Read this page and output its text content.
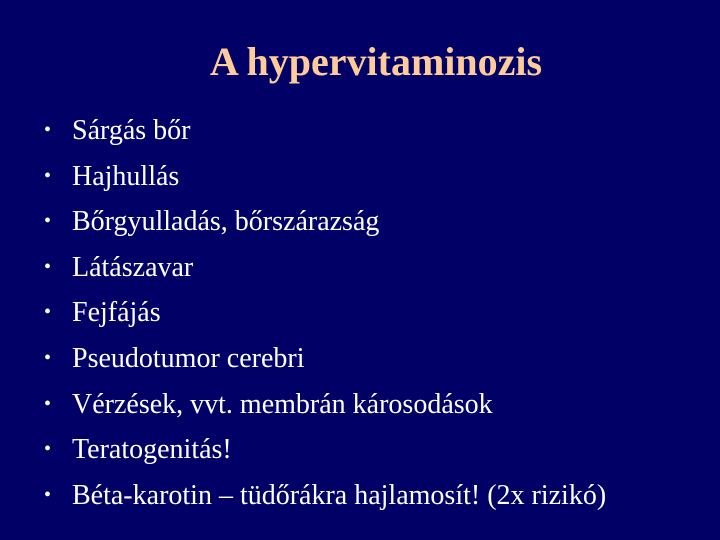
A hypervitaminozis
• Sárgás bőr
• Hajhullás
• Bőrgyulladás, bőrszárazság
• Látászavar
• Fejfájás
• Pseudotumor cerebri
• Vérzések, vvt. membrán károsodások
• Teratogenitás!
• Béta-karotin – tüdőrákra hajlamosít! (2x rizikó)
